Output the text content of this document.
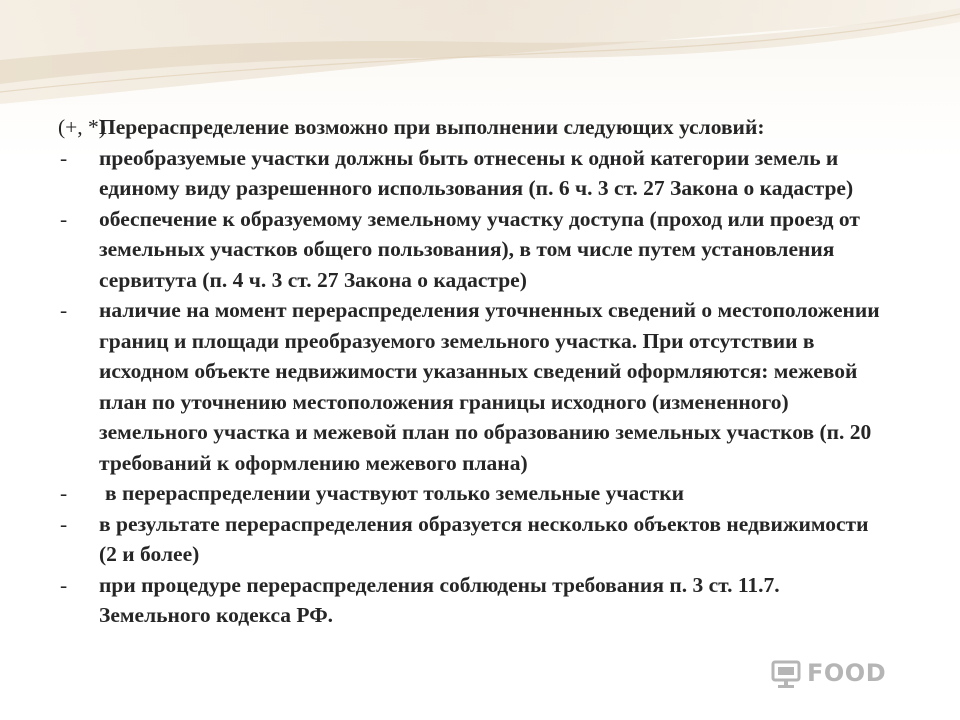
(+, *)
Перераспределение возможно при выполнении следующих условий:

- преобразуемые участки должны быть отнесены к одной категории земель и единому виду разрешенного использования (п. 6 ч. 3 ст. 27 Закона о кадастре)
- обеспечение к образуемому земельному участку доступа (проход или проезд от земельных участков общего пользования), в том числе путем установления сервитута (п. 4 ч. 3 ст. 27 Закона о кадастре)
- наличие на момент перераспределения уточненных сведений о местоположении границ и площади преобразуемого земельного участка. При отсутствии в исходном объекте недвижимости указанных сведений оформляются: межевой план по уточнению местоположения границы исходного (измененного) земельного участка и межевой план по образованию земельных участков (п. 20 требований к оформлению межевого плана)
- в перераспределении участвуют только земельные участки
- в результате перераспределения образуется несколько объектов недвижимости (2 и более)
- при процедуре перераспределения соблюдены требования п. 3 ст. 11.7. Земельного кодекса РФ.
FOOD
